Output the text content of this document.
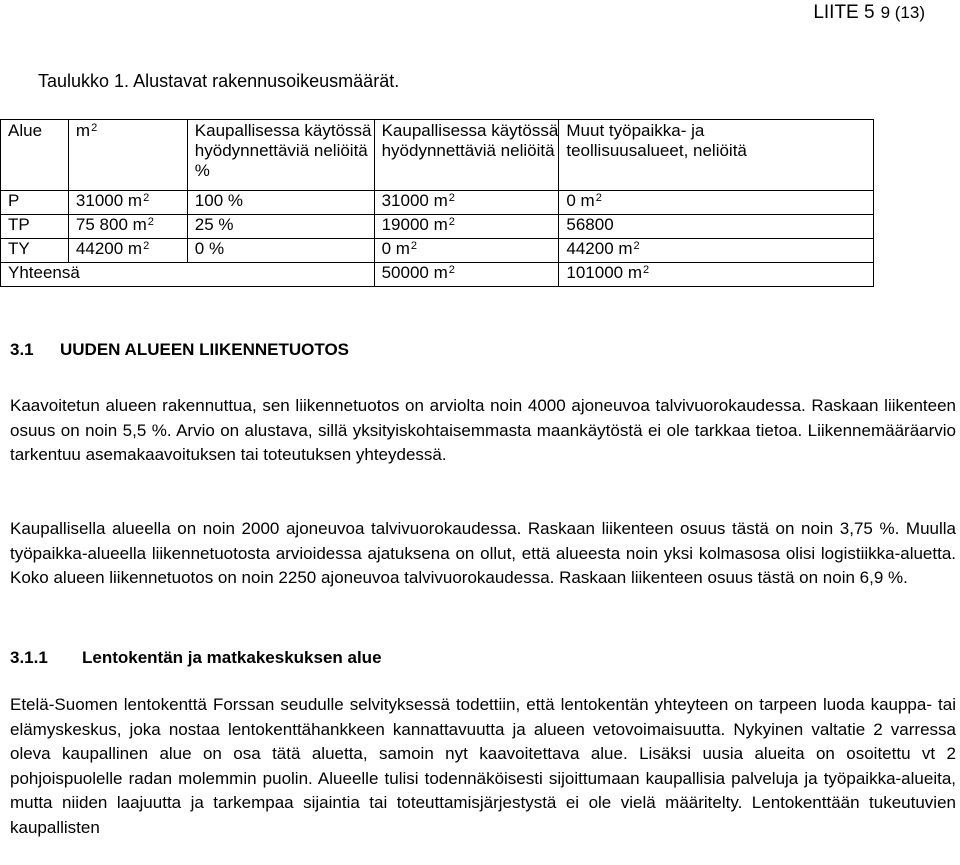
LIITE 5 9 (13)
Taulukko 1. Alustavat rakennusoikeusmäärät.
Alue	$m^2$	Kaupallisessa käytössä hyödynnettäviä neliöitä %	Kaupallisessa käytössä hyödynnettäviä neliöitä	Muut työpaikka- ja teollisuusalueet, neliöitä
P	31000 $m^2$	100 %	31000 $m^2$	0 $m^2$
TP	75 800 $m^2$	25 %	19000 $m^2$	56800
TY	44200 $m^2$	0 %	0 $m^2$	44200 $m^2$
Yhteensä			50000 $m^2$	101000 $m^2$
3.1 UUDEN ALUEEN LIIKENNETUOTOS

Kaavoitetun alueen rakennuttua, sen liikennetuotos on arviolta noin 4000 ajoneuvoa talvivuorokaudessa. Raskaan liikenteen osuus on noin 5,5 %. Arvio on alustava, sillä yksityiskohtaisemmasta maankäytöstä ei ole tarkkaa tietoa. Liikennemääräarvio tarkentuu asemakaavoituksen tai toteutuksen yhteydessä.

Kaupallisella alueella on noin 2000 ajoneuvoa talvivuorokaudessa. Raskaan liikenteen osuus tästä on noin 3,75 %. Muulla työpaikka-alueella liikennetuotosta arvioidessa ajatuksena on ollut, että alueesta noin yksi kolmasosa olisi logistiikka-aluetta. Koko alueen liikennetuotos on noin 2250 ajoneuvoa talvivuorokaudessa. Raskaan liikenteen osuus tästä on noin 6,9 %.

3.1.1 Lentokentän ja matkakeskuksen alue

Etelä-Suomen lentokenttä Forssan seudulle selvityksessä todettiin, että lentokentän yhteyteen on tarpeen luoda kauppa- tai elämyskeskus, joka nostaa lentokenttähankkeen kannattavuutta ja alueen vetovoimaisuutta. Nykyinen valtatie 2 varressa oleva kaupallinen alue on osa tätä aluetta, samoin nyt kaavoitettava alue. Lisäksi uusia alueita on osoitettu vt 2 pohjoispuolelle radan molemmin puolin. Alueelle tulisi todennäköisesti sijoittumaan kaupallisia palveluja ja työpaikka-alueita, mutta niiden laajuutta ja tarkempaa sijaintia tai toteuttamisjärjestystä ei ole vielä määritelty. Lentokenttään tukeutuvien kaupallisten
